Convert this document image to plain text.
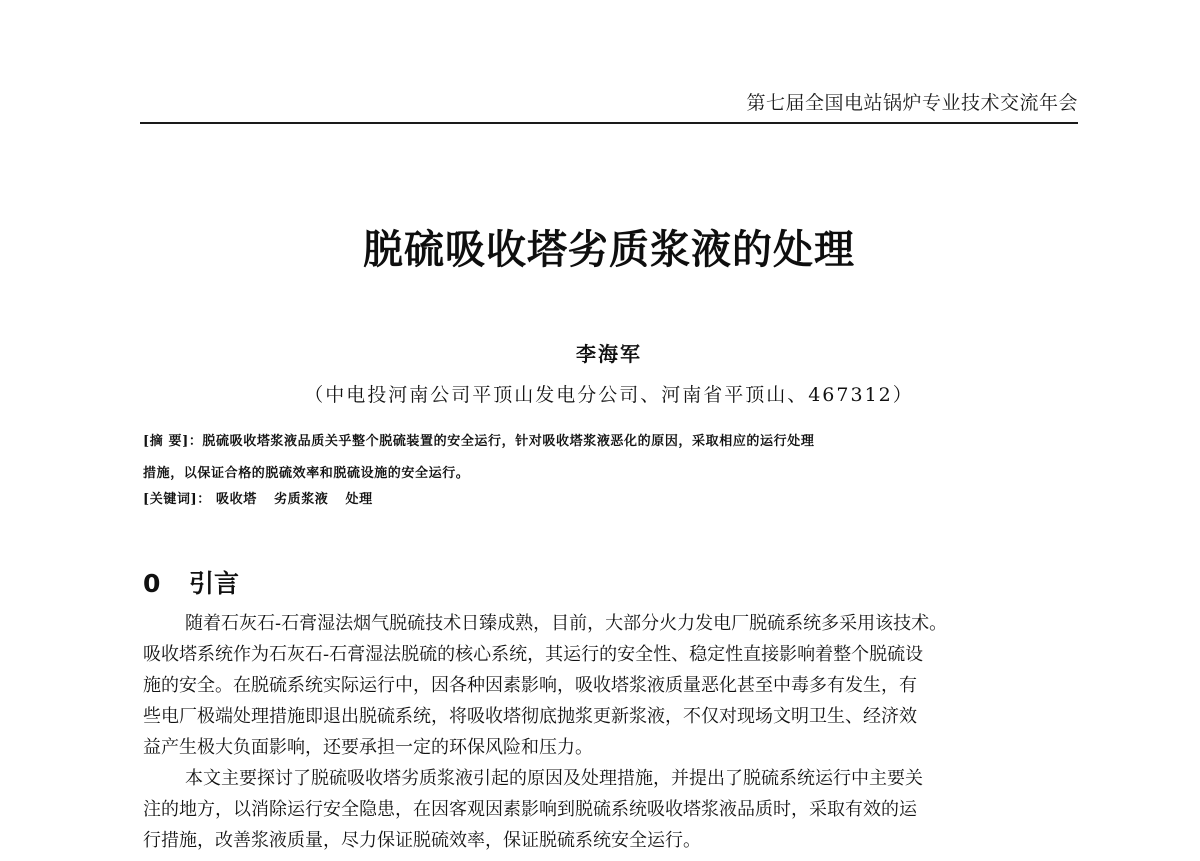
第七届全国电站锅炉专业技术交流年会
脱硫吸收塔劣质浆液的处理
李海军
（中电投河南公司平顶山发电分公司、河南省平顶山、467312）
[摘 要]：脱硫吸收塔浆液品质关乎整个脱硫装置的安全运行，针对吸收塔浆液恶化的原因，采取相应的运行处理
措施，以保证合格的脱硫效率和脱硫设施的安全运行。
[关键词]： 吸收塔 劣质浆液 处理
0 引言
随着石灰石-石膏湿法烟气脱硫技术日臻成熟，目前，大部分火力发电厂脱硫系统多采用该技术。
吸收塔系统作为石灰石-石膏湿法脱硫的核心系统，其运行的安全性、稳定性直接影响着整个脱硫设
施的安全。在脱硫系统实际运行中，因各种因素影响，吸收塔浆液质量恶化甚至中毒多有发生，有
些电厂极端处理措施即退出脱硫系统，将吸收塔彻底抛浆更新浆液，不仅对现场文明卫生、经济效
益产生极大负面影响，还要承担一定的环保风险和压力。
本文主要探讨了脱硫吸收塔劣质浆液引起的原因及处理措施，并提出了脱硫系统运行中主要关
注的地方，以消除运行安全隐患，在因客观因素影响到脱硫系统吸收塔浆液品质时，采取有效的运
行措施，改善浆液质量，尽力保证脱硫效率，保证脱硫系统安全运行。
